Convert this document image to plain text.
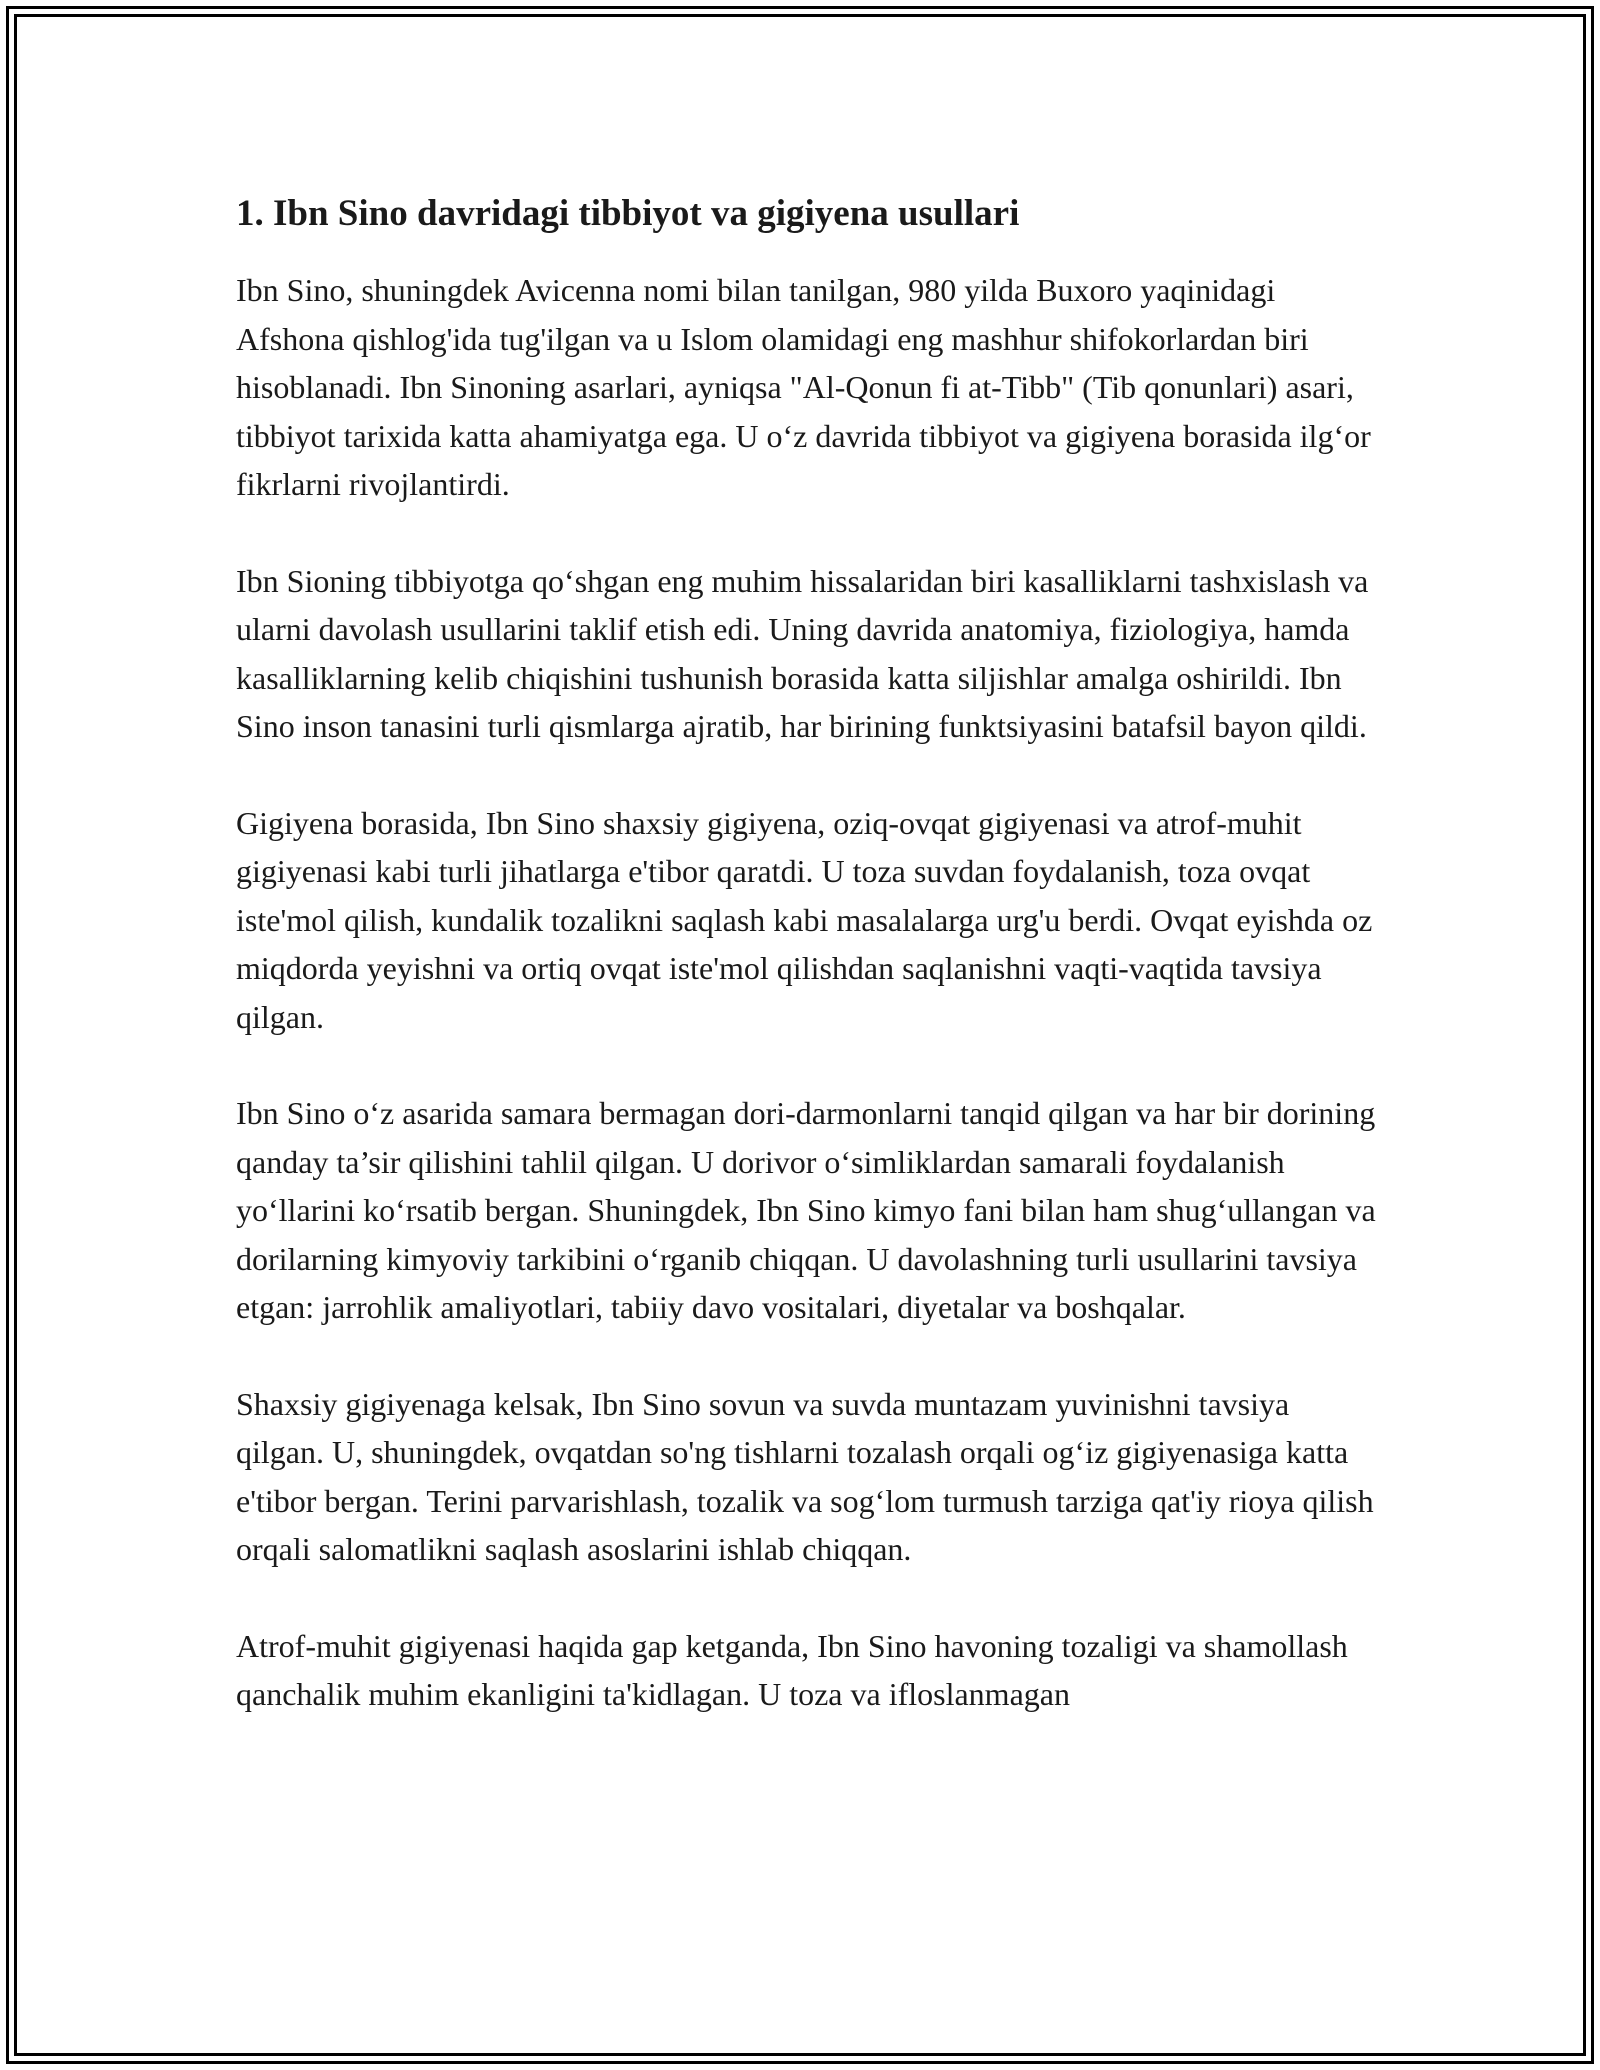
1. Ibn Sino davridagi tibbiyot va gigiyena usullari

Ibn Sino, shuningdek Avicenna nomi bilan tanilgan, 980 yilda Buxoro yaqinidagi Afshona qishlog'ida tug'ilgan va u Islom olamidagi eng mashhur shifokorlardan biri hisoblanadi. Ibn Sinoning asarlari, ayniqsa "Al-Qonun fi at-Tibb" (Tib qonunlari) asari, tibbiyot tarixida katta ahamiyatga ega. U o‘z davrida tibbiyot va gigiyena borasida ilg‘or fikrlarni rivojlantirdi.

Ibn Sioning tibbiyotga qo‘shgan eng muhim hissalaridan biri kasalliklarni tashxislash va ularni davolash usullarini taklif etish edi. Uning davrida anatomiya, fiziologiya, hamda kasalliklarning kelib chiqishini tushunish borasida katta siljishlar amalga oshirildi. Ibn Sino inson tanasini turli qismlarga ajratib, har birining funktsiyasini batafsil bayon qildi.

Gigiyena borasida, Ibn Sino shaxsiy gigiyena, oziq-ovqat gigiyenasi va atrof-muhit gigiyenasi kabi turli jihatlarga e'tibor qaratdi. U toza suvdan foydalanish, toza ovqat iste'mol qilish, kundalik tozalikni saqlash kabi masalalarga urg'u berdi. Ovqat eyishda oz miqdorda yeyishni va ortiq ovqat iste'mol qilishdan saqlanishni vaqti-vaqtida tavsiya qilgan.

Ibn Sino o‘z asarida samara bermagan dori-darmonlarni tanqid qilgan va har bir dorining qanday ta’sir qilishini tahlil qilgan. U dorivor o‘simliklardan samarali foydalanish yo‘llarini ko‘rsatib bergan. Shuningdek, Ibn Sino kimyo fani bilan ham shug‘ullangan va dorilarning kimyoviy tarkibini o‘rganib chiqqan. U davolashning turli usullarini tavsiya etgan: jarrohlik amaliyotlari, tabiiy davo vositalari, diyetalar va boshqalar.

Shaxsiy gigiyenaga kelsak, Ibn Sino sovun va suvda muntazam yuvinishni tavsiya qilgan. U, shuningdek, ovqatdan so'ng tishlarni tozalash orqali og‘iz gigiyenasiga katta e'tibor bergan. Terini parvarishlash, tozalik va sog‘lom turmush tarziga qat'iy rioya qilish orqali salomatlikni saqlash asoslarini ishlab chiqqan.

Atrof-muhit gigiyenasi haqida gap ketganda, Ibn Sino havoning tozaligi va shamollash qanchalik muhim ekanligini ta'kidlagan. U toza va ifloslanmagan
